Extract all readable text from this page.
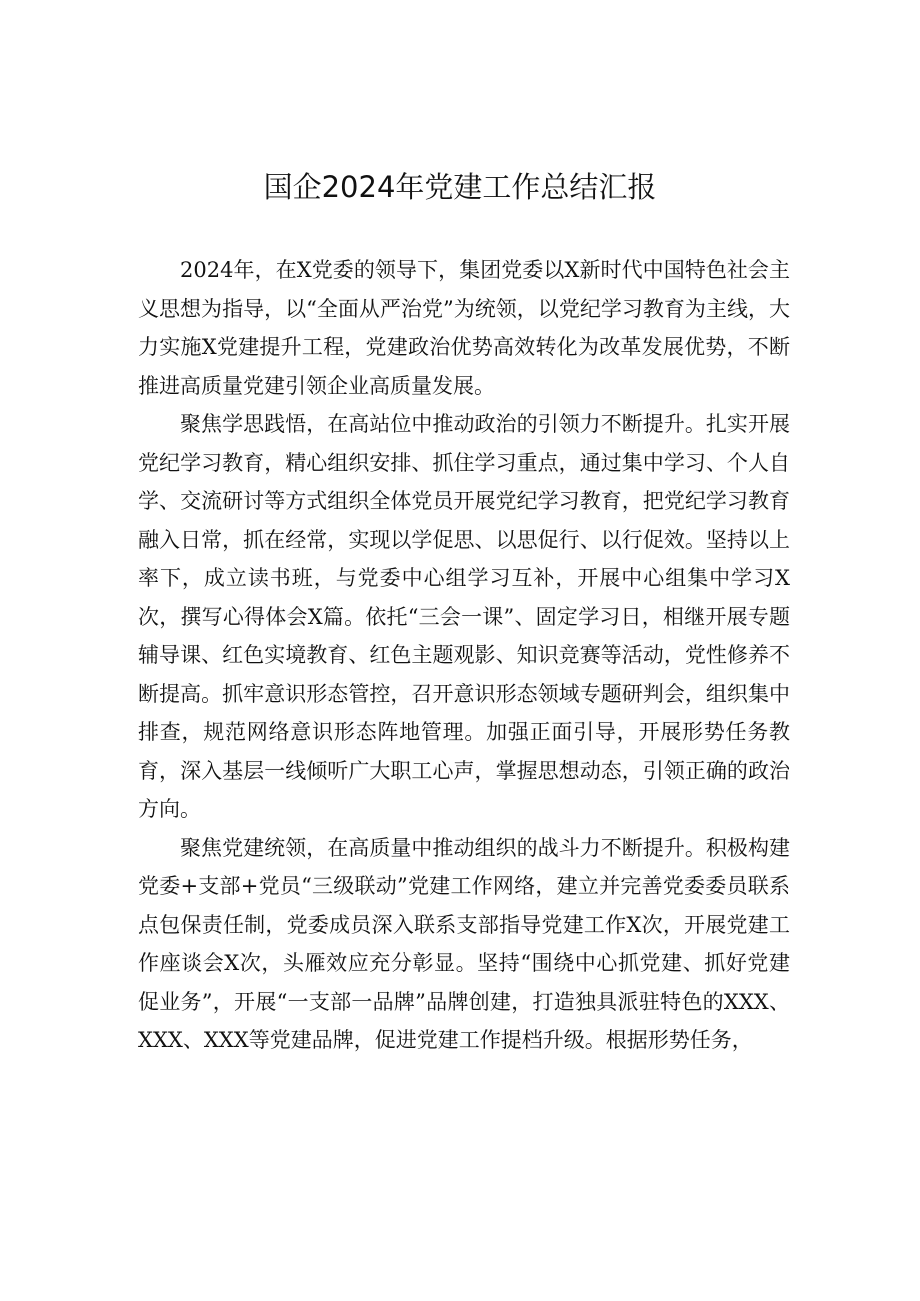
国企2024年党建工作总结汇报

2024年，在X党委的领导下，集团党委以X新时代中国特色社会主义思想为指导，以“全面从严治党”为统领，以党纪学习教育为主线，大力实施X党建提升工程，党建政治优势高效转化为改革发展优势，不断推进高质量党建引领企业高质量发展。

聚焦学思践悟，在高站位中推动政治的引领力不断提升。扎实开展党纪学习教育，精心组织安排、抓住学习重点，通过集中学习、个人自学、交流研讨等方式组织全体党员开展党纪学习教育，把党纪学习教育融入日常，抓在经常，实现以学促思、以思促行、以行促效。坚持以上率下，成立读书班，与党委中心组学习互补，开展中心组集中学习X次，撰写心得体会X篇。依托“三会一课”、固定学习日，相继开展专题辅导课、红色实境教育、红色主题观影、知识竞赛等活动，党性修养不断提高。抓牢意识形态管控，召开意识形态领域专题研判会，组织集中排查，规范网络意识形态阵地管理。加强正面引导，开展形势任务教育，深入基层一线倾听广大职工心声，掌握思想动态，引领正确的政治方向。

聚焦党建统领，在高质量中推动组织的战斗力不断提升。积极构建党委+支部+党员“三级联动”党建工作网络，建立并完善党委委员联系点包保责任制，党委成员深入联系支部指导党建工作X次，开展党建工作座谈会X次，头雁效应充分彰显。坚持“围绕中心抓党建、抓好党建促业务”，开展“一支部一品牌”品牌创建，打造独具派驻特色的XXX、XXX、XXX等党建品牌，促进党建工作提档升级。根据形势任务，
